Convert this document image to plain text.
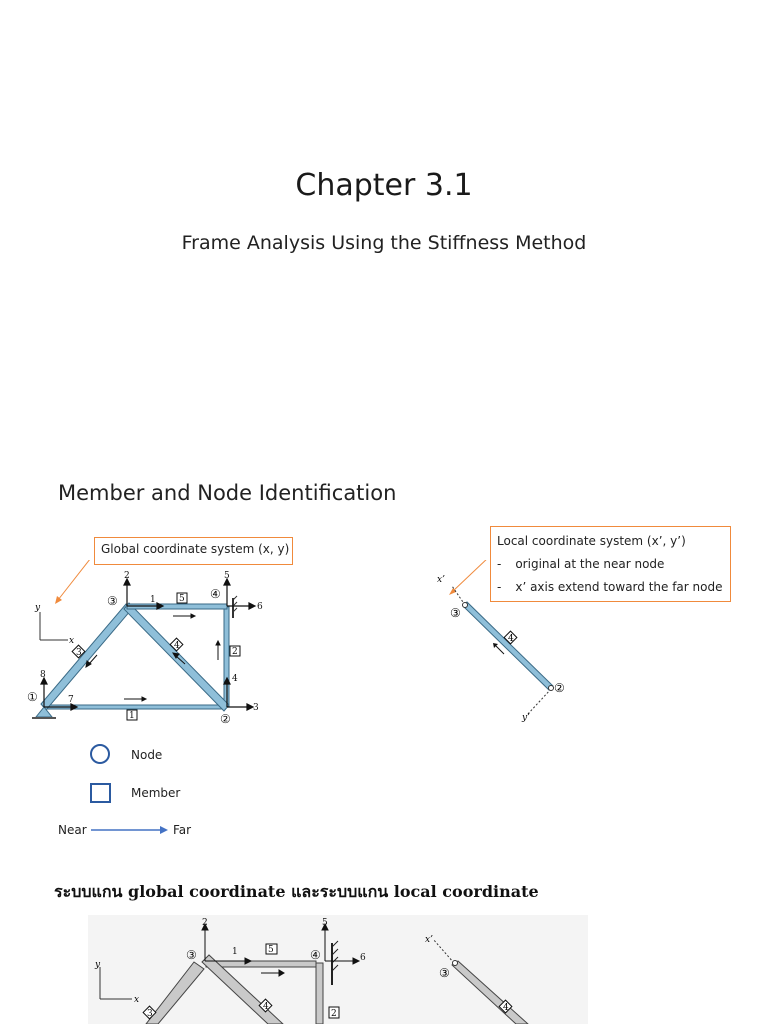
Chapter 3.1
Frame Analysis Using the Stiffness Method
Member and Node Identification
Global coordinate system (x, y)
Local coordinate system (x’, y’)
- original at the near node
- x’ axis extend toward the far node
y
x
2
1
5
6
4
3
8
7
①
②
③	④
1
2
3
4
5
4
x’
y’
③
②
Node
Member
Near	Far
ระบบแกน global coordinate และระบบแกน local coordinate
y
x
2
1
5
6
③	④
5
2
3
4
x’
③
4
